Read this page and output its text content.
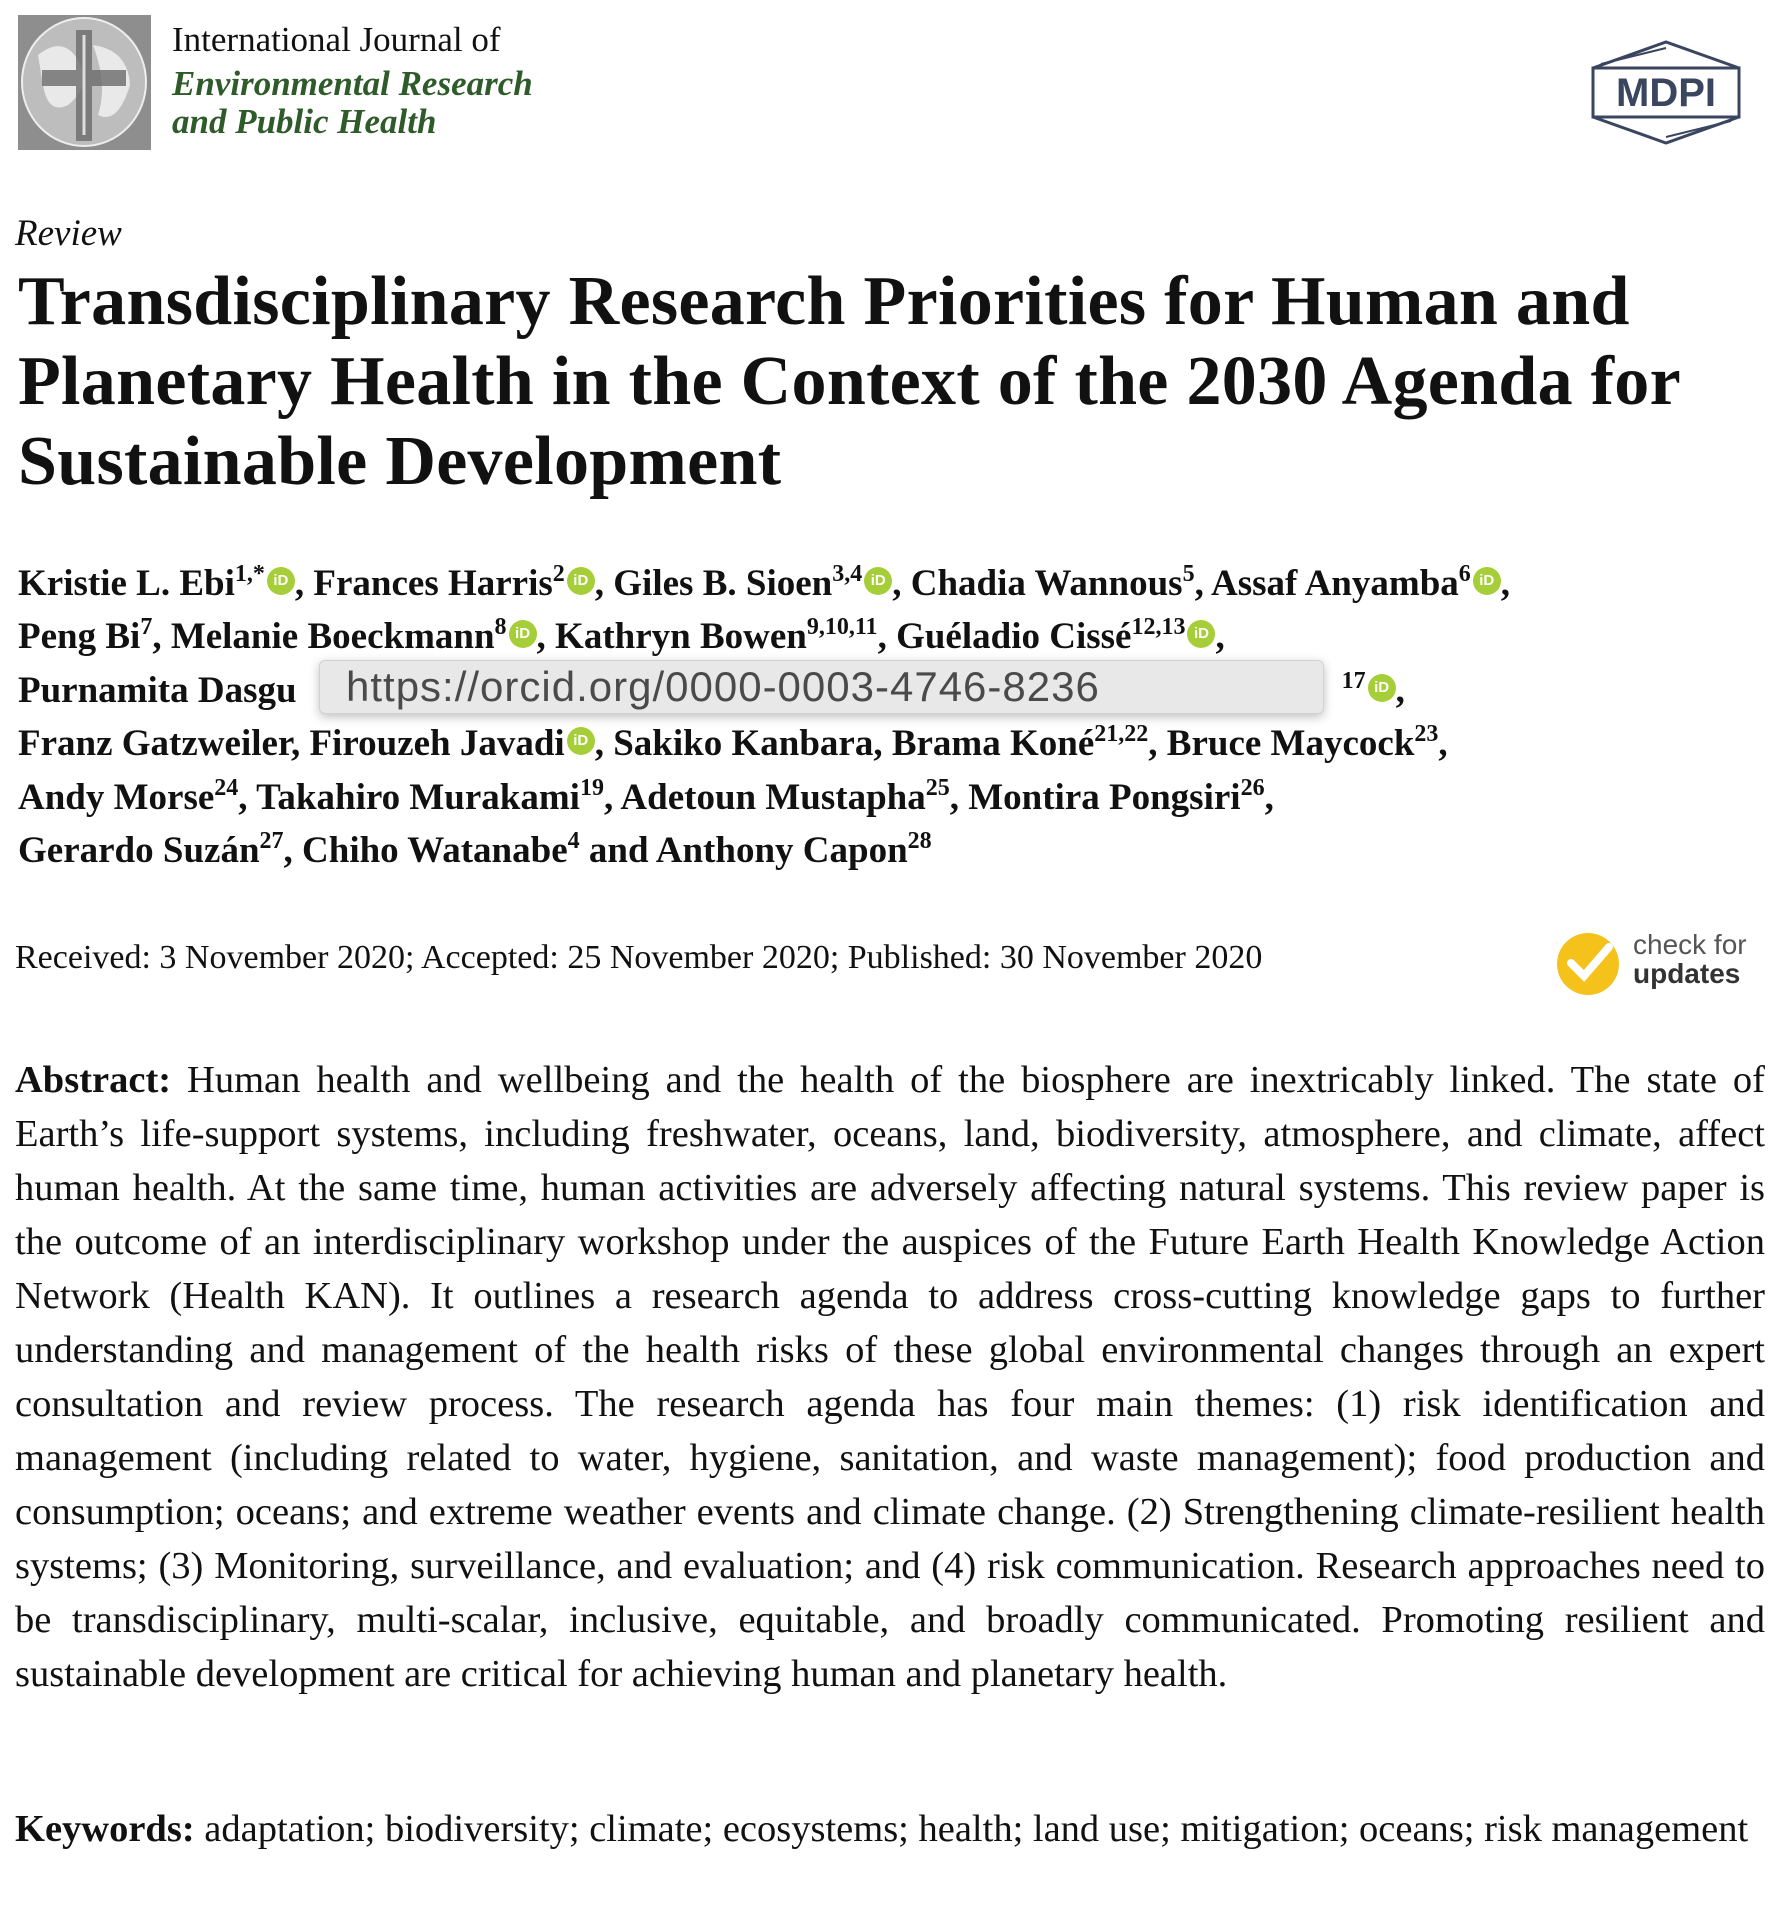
International Journal of
Environmental Research
and Public Health
MDPI
Review
Transdisciplinary Research Priorities for Human and Planetary Health in the Context of the 2030 Agenda for Sustainable Development
Kristie L. Ebi$^{1,*}$ iD , Frances Harris$^2$ iD , Giles B. Sioen$^{3,4}$ iD , Chadia Wannous$^5$, Assaf Anyamba$^6$ iD ,
Peng Bi$^7$, Melanie Boeckmann$^8$ iD , Kathryn Bowen$^{9,10,11}$, Guéladio Cissé$^{12,13}$ iD ,
Purnamita Dasgu	$^{17}$ iD ,
Franz Gatzweiler, Firouzeh Javadi iD , Sakiko Kanbara, Brama Koné$^{21,22}$, Bruce Maycock$^{23}$,
Andy Morse$^{24}$, Takahiro Murakami$^{19}$, Adetoun Mustapha$^{25}$, Montira Pongsiri$^{26}$,
Gerardo Suzán$^{27}$, Chiho Watanabe$^4$ and Anthony Capon$^{28}$
https://orcid.org/0000-0003-4746-8236
Received: 3 November 2020; Accepted: 25 November 2020; Published: 30 November 2020	check for
updates
Abstract: Human health and wellbeing and the health of the biosphere are inextricably linked. The state of Earth’s life-support systems, including freshwater, oceans, land, biodiversity, atmosphere, and climate, affect human health. At the same time, human activities are adversely affecting natural systems. This review paper is the outcome of an interdisciplinary workshop under the auspices of the Future Earth Health Knowledge Action Network (Health KAN). It outlines a research agenda to address cross-cutting knowledge gaps to further understanding and management of the health risks of these global environmental changes through an expert consultation and review process. The research agenda has four main themes: (1) risk identification and management (including related to water, hygiene, sanitation, and waste management); food production and consumption; oceans; and extreme weather events and climate change. (2) Strengthening climate-resilient health systems; (3) Monitoring, surveillance, and evaluation; and (4) risk communication. Research approaches need to be transdisciplinary, multi-scalar, inclusive, equitable, and broadly communicated. Promoting resilient and sustainable development are critical for achieving human and planetary health.
Keywords: adaptation; biodiversity; climate; ecosystems; health; land use; mitigation; oceans; risk management
